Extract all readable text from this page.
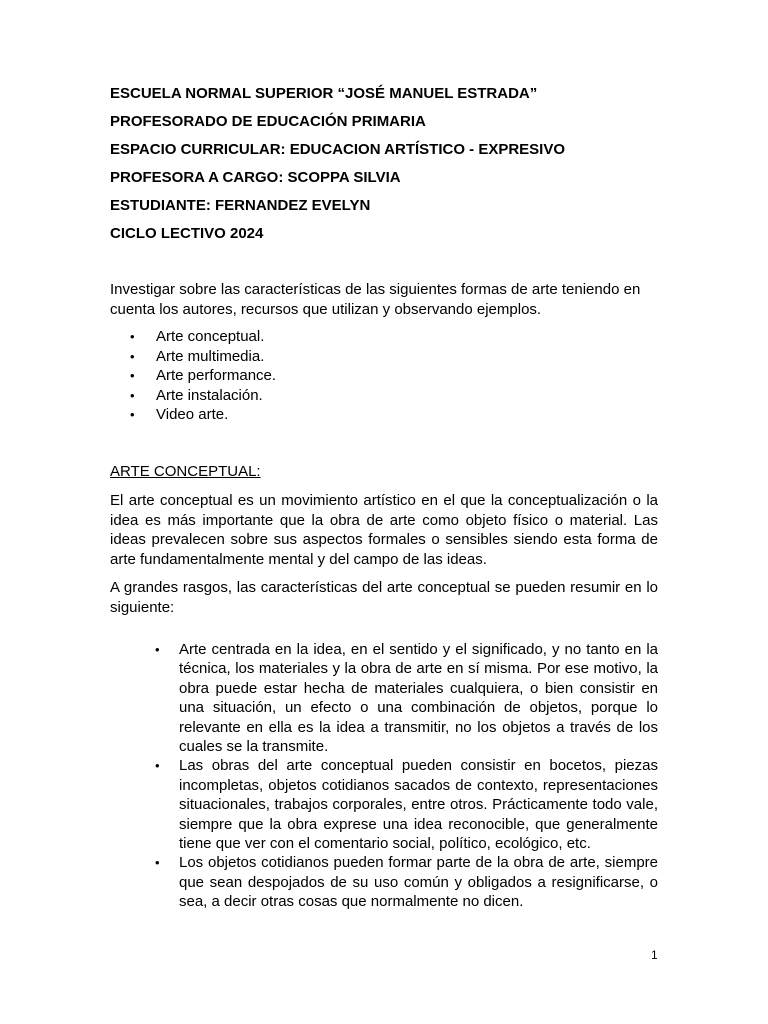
ESCUELA NORMAL SUPERIOR “JOSÉ MANUEL ESTRADA”

PROFESORADO DE EDUCACIÓN PRIMARIA

ESPACIO CURRICULAR: EDUCACION ARTÍSTICO - EXPRESIVO

PROFESORA A CARGO: SCOPPA SILVIA

ESTUDIANTE: FERNANDEZ EVELYN

CICLO LECTIVO 2024

Investigar sobre las características de las siguientes formas de arte teniendo en cuenta los autores, recursos que utilizan y observando ejemplos.

• Arte conceptual.
• Arte multimedia.
• Arte performance.
• Arte instalación.
• Video arte.
ARTE CONCEPTUAL:

El arte conceptual es un movimiento artístico en el que la conceptualización o la idea es más importante que la obra de arte como objeto físico o material. Las ideas prevalecen sobre sus aspectos formales o sensibles siendo esta forma de arte fundamentalmente mental y del campo de las ideas.

A grandes rasgos, las características del arte conceptual se pueden resumir en lo siguiente:

• Arte centrada en la idea, en el sentido y el significado, y no tanto en la técnica, los materiales y la obra de arte en sí misma. Por ese motivo, la obra puede estar hecha de materiales cualquiera, o bien consistir en una situación, un efecto o una combinación de objetos, porque lo relevante en ella es la idea a transmitir, no los objetos a través de los cuales se la transmite.
• Las obras del arte conceptual pueden consistir en bocetos, piezas incompletas, objetos cotidianos sacados de contexto, representaciones situacionales, trabajos corporales, entre otros. Prácticamente todo vale, siempre que la obra exprese una idea reconocible, que generalmente tiene que ver con el comentario social, político, ecológico, etc.
• Los objetos cotidianos pueden formar parte de la obra de arte, siempre que sean despojados de su uso común y obligados a resignificarse, o sea, a decir otras cosas que normalmente no dicen.
1
